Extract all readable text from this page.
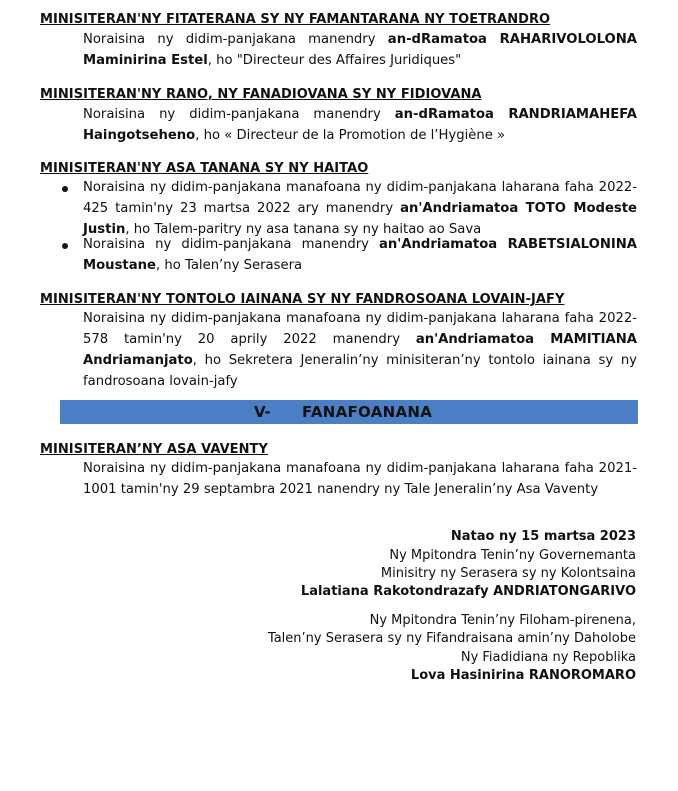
MINISITERAN'NY FITATERANA SY NY FAMANTARANA NY TOETRANDRO
Noraisina ny didim-panjakana manendry an-dRamatoa RAHARIVOLOLONA Maminirina Estel, ho "Directeur des Affaires Juridiques"
MINISITERAN'NY RANO, NY FANADIOVANA SY NY FIDIOVANA
Noraisina ny didim-panjakana manendry an-dRamatoa RANDRIAMAHEFA Haingotseheno, ho « Directeur de la Promotion de l’Hygiène »
MINISITERAN'NY ASA TANANA SY NY HAITAO
Noraisina ny didim-panjakana manafoana ny didim-panjakana laharana faha 2022-425 tamin'ny 23 martsa 2022 ary manendry an'Andriamatoa TOTO Modeste Justin, ho Talem-paritry ny asa tanana sy ny haitao ao Sava
Noraisina ny didim-panjakana manendry an'Andriamatoa RABETSIALONINA Moustane, ho Talen’ny Serasera
MINISITERAN'NY TONTOLO IAINANA SY NY FANDROSOANA LOVAIN-JAFY
Noraisina ny didim-panjakana manafoana ny didim-panjakana laharana faha 2022-578 tamin'ny 20 aprily 2022 manendry an'Andriamatoa MAMITIANA Andriamanjato, ho Sekretera Jeneralin’ny minisiteran’ny tontolo iainana sy ny fandrosoana lovain-jafy
V- FANAFOANANA
MINISITERAN’NY ASA VAVENTY
Noraisina ny didim-panjakana manafoana ny didim-panjakana laharana faha 2021-1001 tamin'ny 29 septambra 2021 nanendry ny Tale Jeneralin’ny Asa Vaventy
Natao ny 15 martsa 2023
Ny Mpitondra Tenin’ny Governemanta
Minisitry ny Serasera sy ny Kolontsaina
Lalatiana Rakotondrazafy ANDRIATONGARIVO
Ny Mpitondra Tenin’ny Filoham-pirenena,
Talen’ny Serasera sy ny Fifandraisana amin’ny Daholobe
Ny Fiadidiana ny Repoblika
Lova Hasinirina RANOROMARO
